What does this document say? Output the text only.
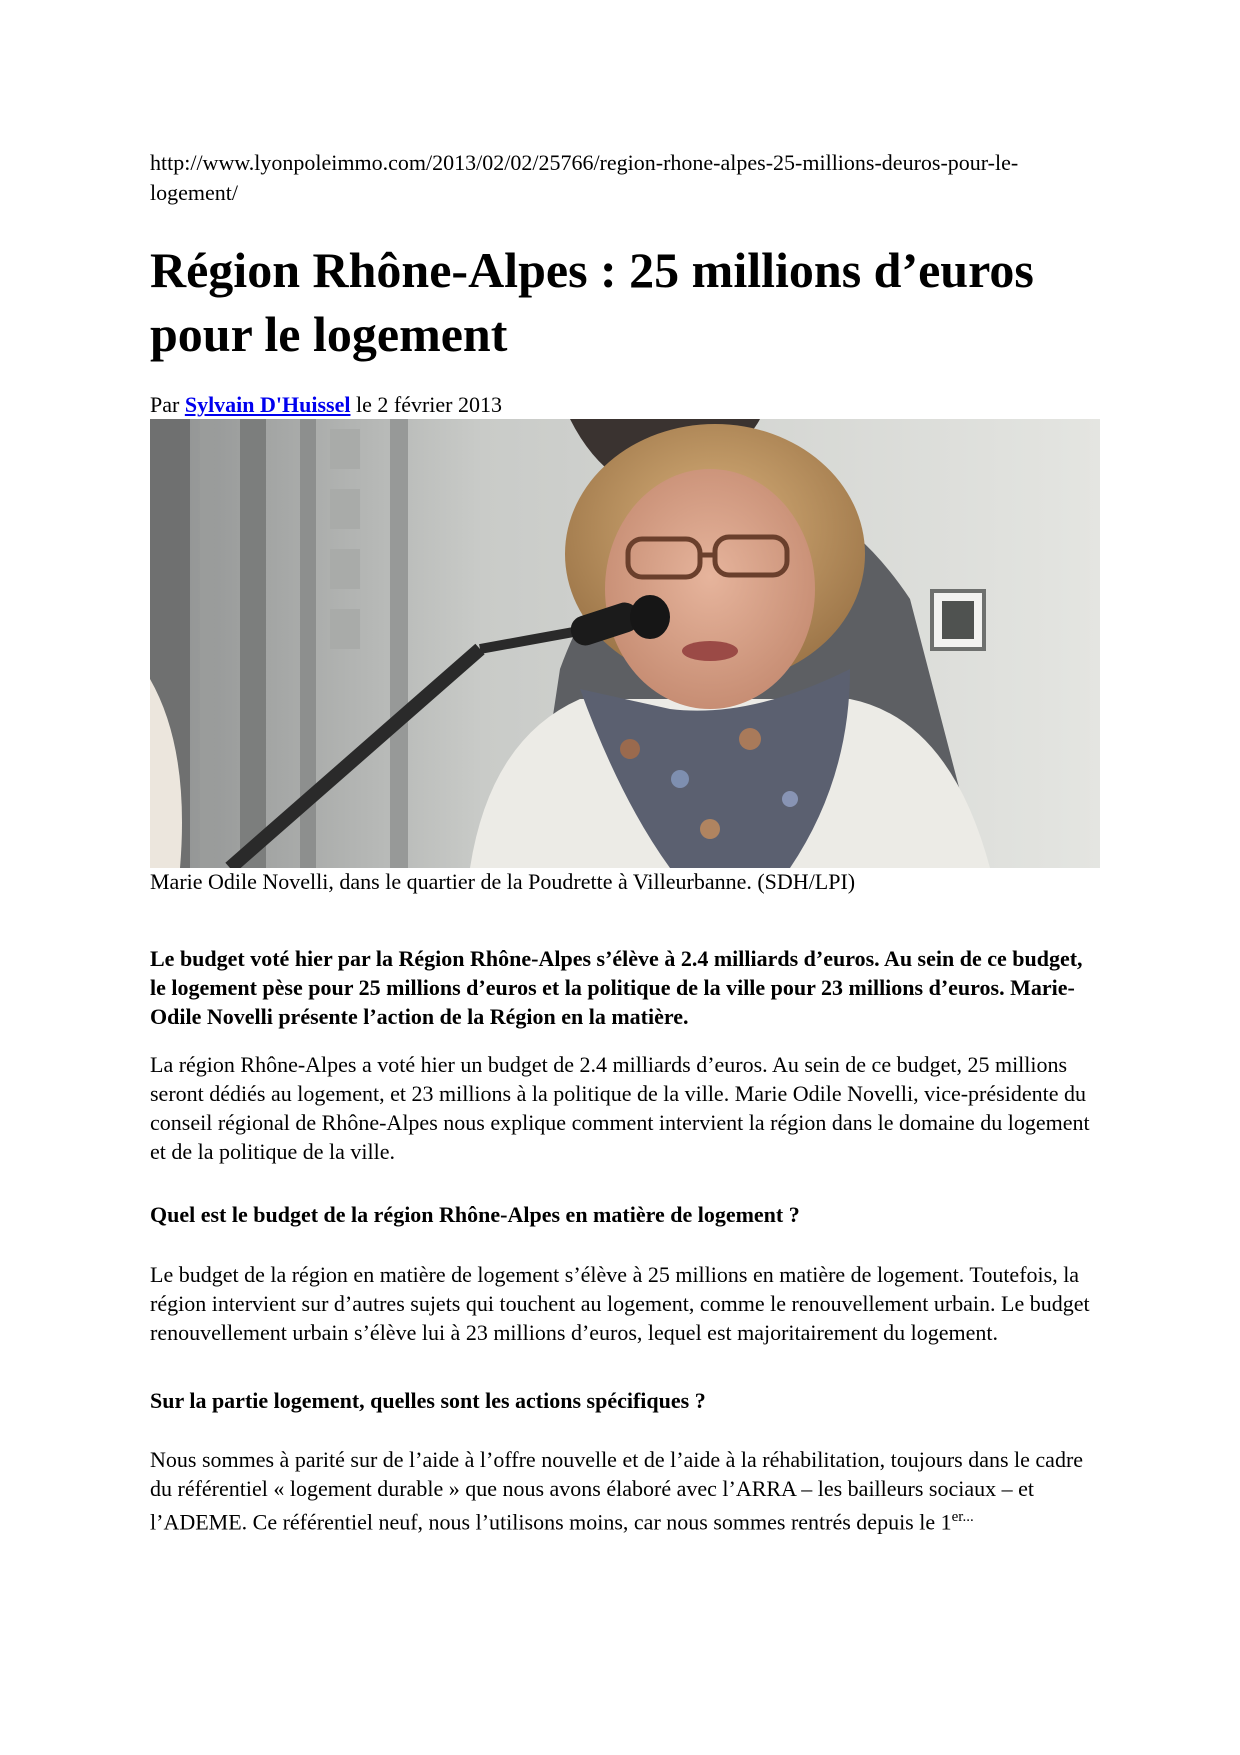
http://www.lyonpoleimmo.com/2013/02/02/25766/region-rhone-alpes-25-millions-deuros-pour-le-logement/
Région Rhône-Alpes : 25 millions d’euros pour le logement
Par Sylvain D'Huissel le 2 février 2013
Marie Odile Novelli, dans le quartier de la Poudrette à Villeurbanne. (SDH/LPI)

Le budget voté hier par la Région Rhône-Alpes s’élève à 2.4 milliards d’euros. Au sein de ce budget, le logement pèse pour 25 millions d’euros et la politique de la ville pour 23 millions d’euros. Marie-Odile Novelli présente l’action de la Région en la matière.

La région Rhône-Alpes a voté hier un budget de 2.4 milliards d’euros. Au sein de ce budget, 25 millions seront dédiés au logement, et 23 millions à la politique de la ville. Marie Odile Novelli, vice-présidente du conseil régional de Rhône-Alpes nous explique comment intervient la région dans le domaine du logement et de la politique de la ville.

Quel est le budget de la région Rhône-Alpes en matière de logement ?

Le budget de la région en matière de logement s’élève à 25 millions en matière de logement. Toutefois, la région intervient sur d’autres sujets qui touchent au logement, comme le renouvellement urbain. Le budget renouvellement urbain s’élève lui à 23 millions d’euros, lequel est majoritairement du logement.

Sur la partie logement, quelles sont les actions spécifiques ?

Nous sommes à parité sur de l’aide à l’offre nouvelle et de l’aide à la réhabilitation, toujours dans le cadre du référentiel « logement durable » que nous avons élaboré avec l’ARRA – les bailleurs sociaux – et l’ADEME. Ce référentiel neuf, nous l’utilisons moins, car nous sommes rentrés depuis le $1^{er...}$
